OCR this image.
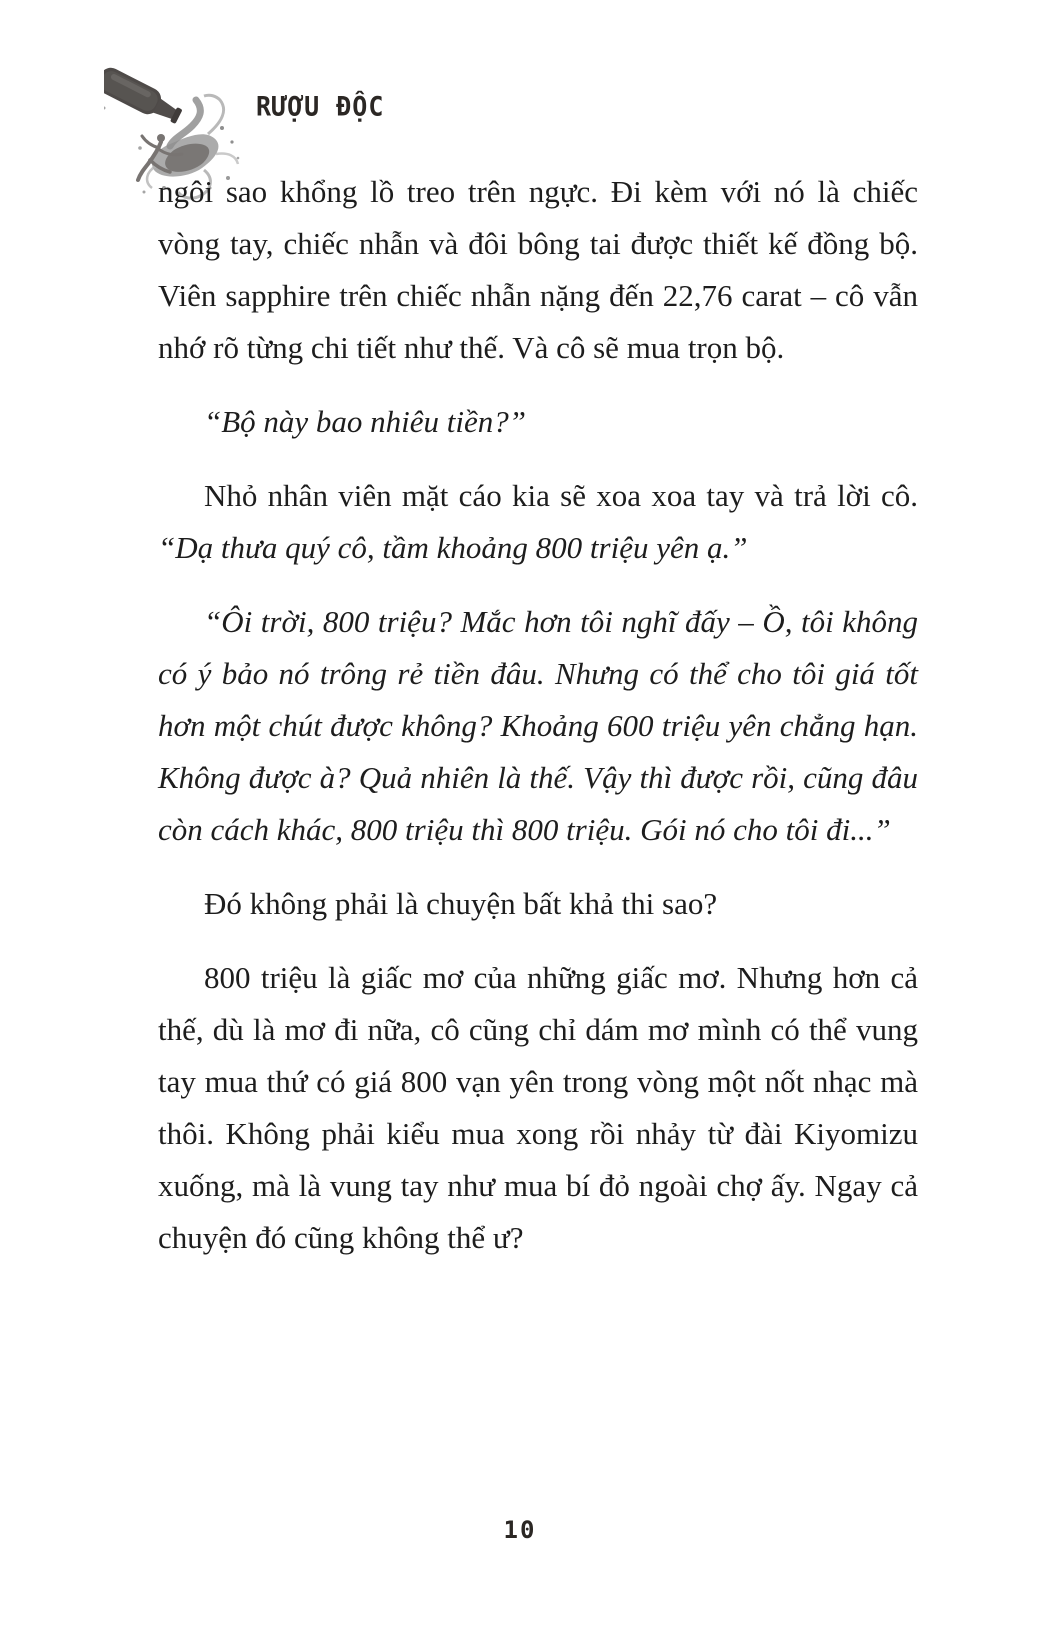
RƯỢU ĐỘC

ngôi sao khổng lồ treo trên ngực. Đi kèm với nó là chiếc vòng tay, chiếc nhẫn và đôi bông tai được thiết kế đồng bộ. Viên sapphire trên chiếc nhẫn nặng đến 22,76 carat – cô vẫn nhớ rõ từng chi tiết như thế. Và cô sẽ mua trọn bộ.

“Bộ này bao nhiêu tiền?”

Nhỏ nhân viên mặt cáo kia sẽ xoa xoa tay và trả lời cô. “Dạ thưa quý cô, tầm khoảng 800 triệu yên ạ.”

“Ôi trời, 800 triệu? Mắc hơn tôi nghĩ đấy – Ồ, tôi không có ý bảo nó trông rẻ tiền đâu. Nhưng có thể cho tôi giá tốt hơn một chút được không? Khoảng 600 triệu yên chẳng hạn. Không được à? Quả nhiên là thế. Vậy thì được rồi, cũng đâu còn cách khác, 800 triệu thì 800 triệu. Gói nó cho tôi đi...”

Đó không phải là chuyện bất khả thi sao?

800 triệu là giấc mơ của những giấc mơ. Nhưng hơn cả thế, dù là mơ đi nữa, cô cũng chỉ dám mơ mình có thể vung tay mua thứ có giá 800 vạn yên trong vòng một nốt nhạc mà thôi. Không phải kiểu mua xong rồi nhảy từ đài Kiyomizu xuống, mà là vung tay như mua bí đỏ ngoài chợ ấy. Ngay cả chuyện đó cũng không thể ư?

10
